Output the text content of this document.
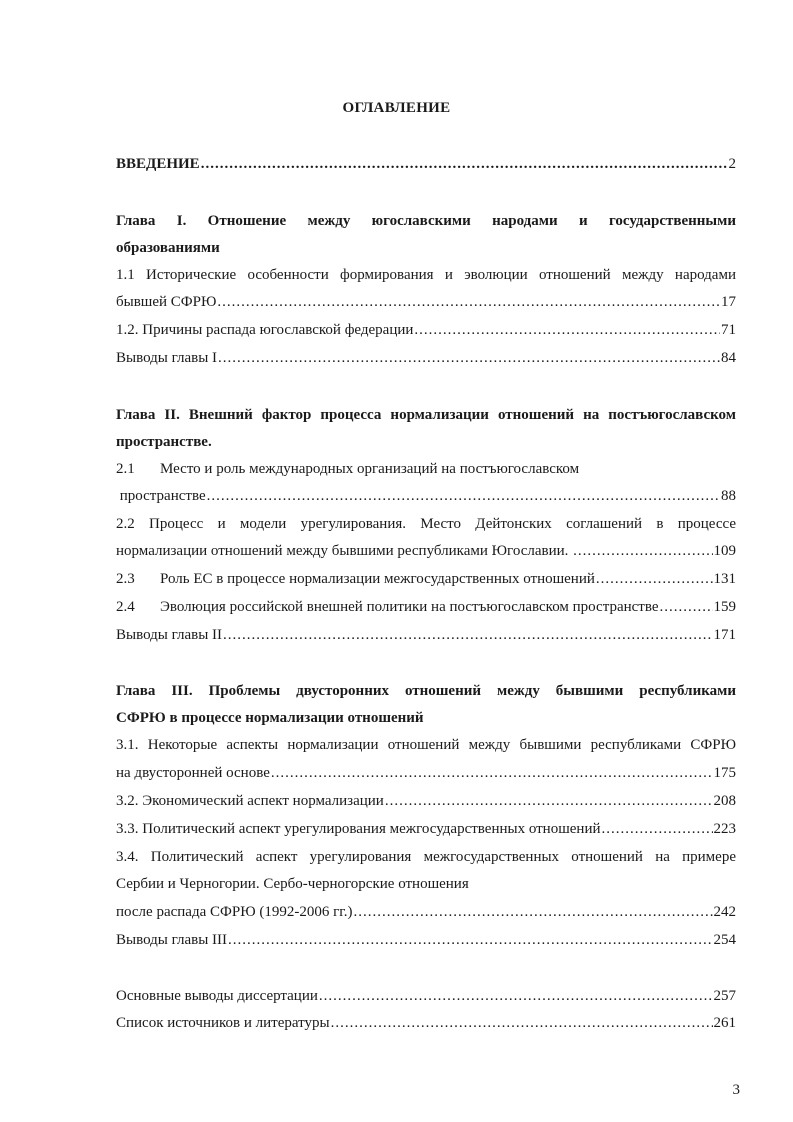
ОГЛАВЛЕНИЕ
ВВЕДЕНИЕ .....	2
Глава I. Отношение между югославскими народами и государственными
образованиями
1.1 Исторические особенности формирования и эволюции отношений между народами
бывшей СФРЮ .....	17
1.2. Причины распада югославской федерации .....	71
Выводы главы I .....	84
Глава II. Внешний фактор процесса нормализации отношений на постъюгославском
пространстве.
2.1 Место и роль международных организаций на постъюгославском
пространстве .....	88
2.2 Процесс и модели урегулирования. Место Дейтонских соглашений в процессе
нормализации отношений между бывшими республиками Югославии. .....	109
2.3 Роль ЕС в процессе нормализации межгосударственных отношений .....	131
2.4 Эволюция российской внешней политики на постъюгославском пространстве .....	159
Выводы главы II .....	171
Глава III. Проблемы двусторонних отношений между бывшими республиками
СФРЮ в процессе нормализации отношений
3.1. Некоторые аспекты нормализации отношений между бывшими республиками СФРЮ
на двусторонней основе .....	175
3.2. Экономический аспект нормализации .....	208
3.3. Политический аспект урегулирования межгосударственных отношений .....	223
3.4. Политический аспект урегулирования межгосударственных отношений на примере
Сербии и Черногории. Сербо-черногорские отношения
после распада СФРЮ (1992-2006 гг.) .....	242
Выводы главы III .....	254
Основные выводы диссертации .....	257
Список источников и литературы .....	261
3
